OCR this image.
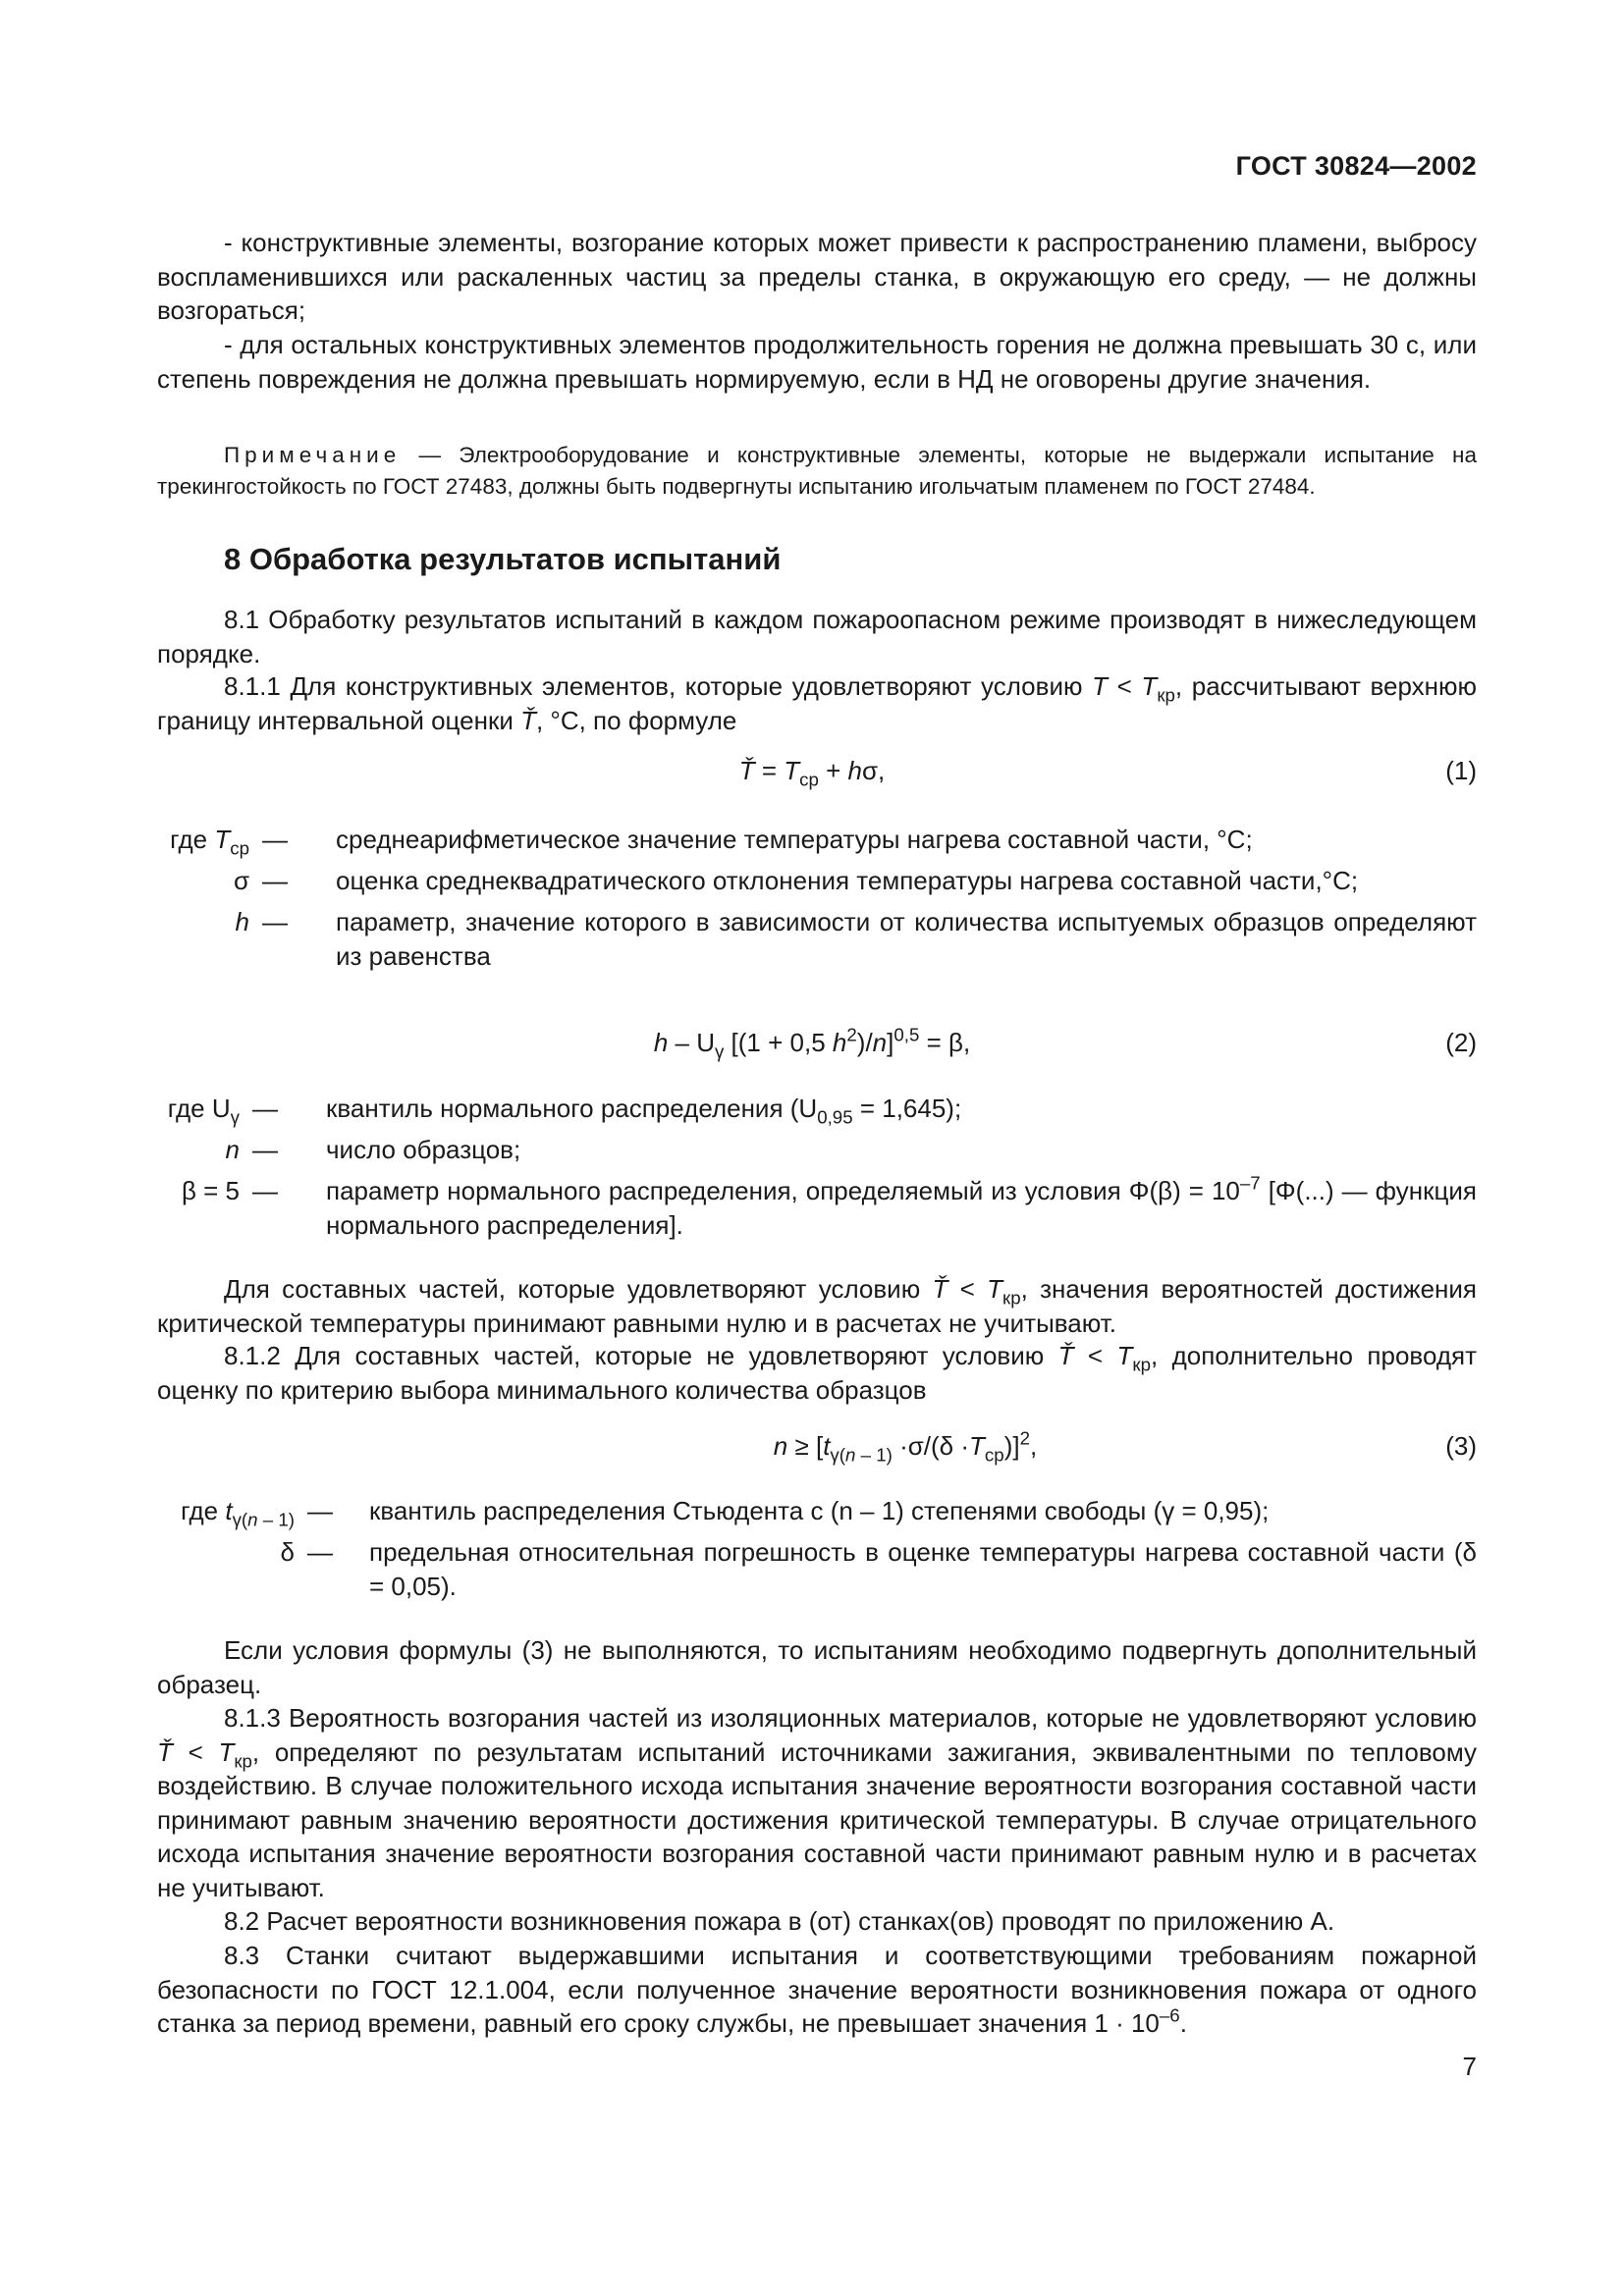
ГОСТ 30824—2002
- конструктивные элементы, возгорание которых может привести к распространению пламени, выбросу воспламенившихся или раскаленных частиц за пределы станка, в окружающую его среду, — не должны возгораться;
- для остальных конструктивных элементов продолжительность горения не должна превышать 30 с, или степень повреждения не должна превышать нормируемую, если в НД не оговорены другие значения.
Примечание — Электрооборудование и конструктивные элементы, которые не выдержали испытание на трекингостойкость по ГОСТ 27483, должны быть подвергнуты испытанию игольчатым пламенем по ГОСТ 27484.
8 Обработка результатов испытаний
8.1 Обработку результатов испытаний в каждом пожароопасном режиме производят в нижеследующем порядке.
8.1.1 Для конструктивных элементов, которые удовлетворяют условию $T < T_{кр}$, рассчитывают верхнюю границу интервальной оценки Ť, °С, по формуле
Ť = $T_{ср} + h\sigma$,	(1)
где $T_{ср}$ — среднеарифметическое значение температуры нагрева составной части, °С;
σ — оценка среднеквадратического отклонения температуры нагрева составной части,°С;
h — параметр, значение которого в зависимости от количества испытуемых образцов определяют из равенства
h – $U_\gamma$ [(1 + 0,5 $h^2)/n]^{0,5} = \beta$,	(2)
где $U_\gamma$ — квантиль нормального распределения $(U_{0,95} = 1,645)$;
n — число образцов;
β = 5 — параметр нормального распределения, определяемый из условия $\Phi(\beta) = 10^{-7}$ [Φ(...) — функция нормального распределения].
Для составных частей, которые удовлетворяют условию Ť < $T_{кр}$, значения вероятностей достижения критической температуры принимают равными нулю и в расчетах не учитывают.
8.1.2 Для составных частей, которые не удовлетворяют условию Ť < $T_{кр}$, дополнительно проводят оценку по критерию выбора минимального количества образцов
$n \ge [t_{\gamma(n - 1)} \cdot\sigma/(\delta \cdot T_{ср})]^2$,	(3)
где $t_{\gamma(n - 1)}$ — квантиль распределения Стьюдента с (n – 1) степенями свободы (γ = 0,95);
δ — предельная относительная погрешность в оценке температуры нагрева составной части (δ = 0,05).
Если условия формулы (3) не выполняются, то испытаниям необходимо подвергнуть дополнительный образец.
8.1.3 Вероятность возгорания частей из изоляционных материалов, которые не удовлетворяют условию Ť < $T_{кр}$, определяют по результатам испытаний источниками зажигания, эквивалентными по тепловому воздействию. В случае положительного исхода испытания значение вероятности возгорания составной части принимают равным значению вероятности достижения критической температуры. В случае отрицательного исхода испытания значение вероятности возгорания составной части принимают равным нулю и в расчетах не учитывают.
8.2 Расчет вероятности возникновения пожара в (от) станках(ов) проводят по приложению А.
8.3 Станки считают выдержавшими испытания и соответствующими требованиям пожарной безопасности по ГОСТ 12.1.004, если полученное значение вероятности возникновения пожара от одного станка за период времени, равный его сроку службы, не превышает значения $1 \cdot 10^{-6}$.
7
